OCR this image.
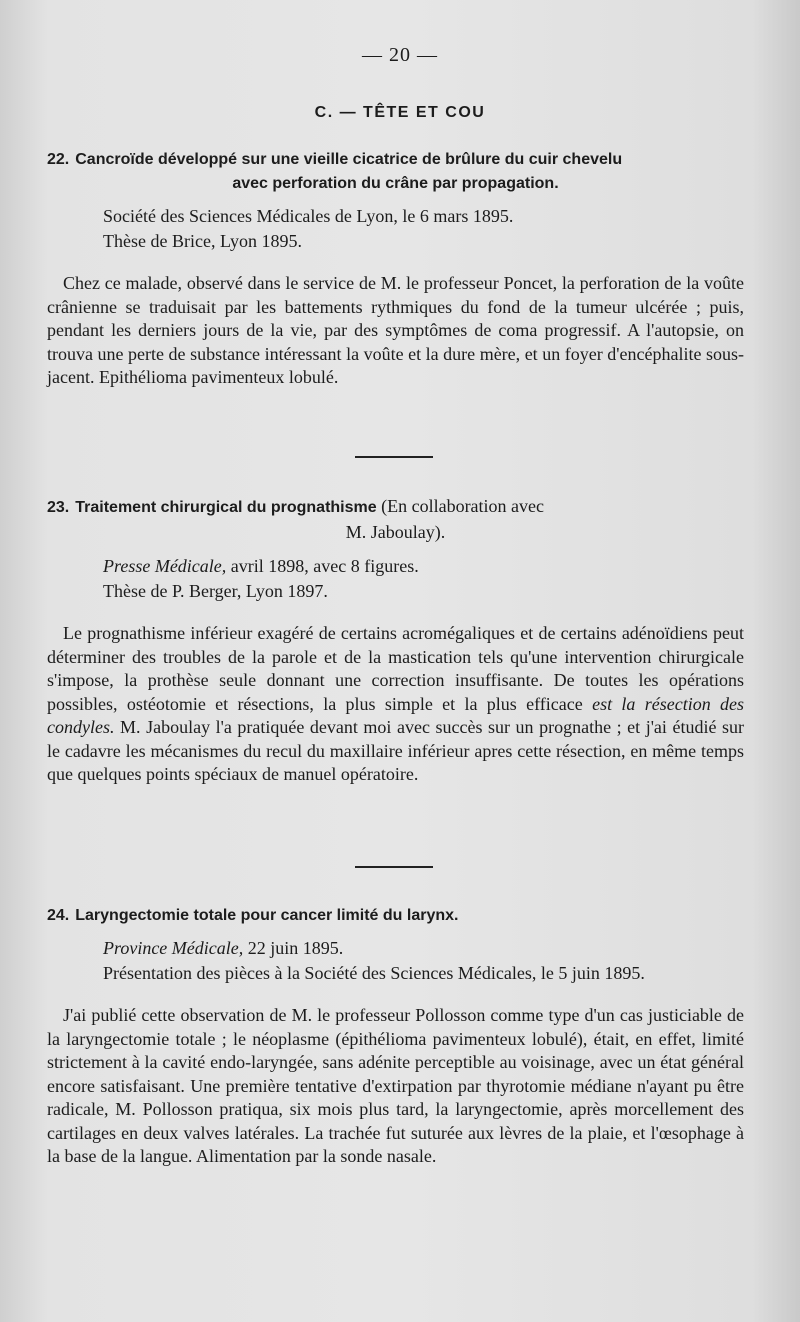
— 20 —
C. — TÊTE ET COU
22. Cancroïde développé sur une vieille cicatrice de brûlure du cuir chevelu
avec perforation du crâne par propagation.
Société des Sciences Médicales de Lyon, le 6 mars 1895.
Thèse de Brice, Lyon 1895.
Chez ce malade, observé dans le service de M. le professeur Poncet, la perforation de la voûte crânienne se traduisait par les battements rythmiques du fond de la tumeur ulcérée ; puis, pendant les derniers jours de la vie, par des symptômes de coma progressif. A l'autopsie, on trouva une perte de substance intéressant la voûte et la dure mère, et un foyer d'encéphalite sous-jacent. Epithélioma pavimenteux lobulé.
23. Traitement chirurgical du prognathisme (En collaboration avec
M. Jaboulay).
Presse Médicale, avril 1898, avec 8 figures.
Thèse de P. Berger, Lyon 1897.
Le prognathisme inférieur exagéré de certains acromégaliques et de certains adénoïdiens peut déterminer des troubles de la parole et de la mastication tels qu'une intervention chirurgicale s'impose, la prothèse seule donnant une correction insuffisante. De toutes les opérations possibles, ostéotomie et résections, la plus simple et la plus efficace est la résection des condyles. M. Jaboulay l'a pratiquée devant moi avec succès sur un prognathe ; et j'ai étudié sur le cadavre les mécanismes du recul du maxillaire inférieur apres cette résection, en même temps que quelques points spéciaux de manuel opératoire.
24. Laryngectomie totale pour cancer limité du larynx.
Province Médicale, 22 juin 1895.
Présentation des pièces à la Société des Sciences Médicales, le 5 juin 1895.
J'ai publié cette observation de M. le professeur Pollosson comme type d'un cas justiciable de la laryngectomie totale ; le néoplasme (épithélioma pavimenteux lobulé), était, en effet, limité strictement à la cavité endo-laryngée, sans adénite perceptible au voisinage, avec un état général encore satisfaisant. Une première tentative d'extirpation par thyrotomie médiane n'ayant pu être radicale, M. Pollosson pratiqua, six mois plus tard, la laryngectomie, après morcellement des cartilages en deux valves latérales. La trachée fut suturée aux lèvres de la plaie, et l'œsophage à la base de la langue. Alimentation par la sonde nasale.
